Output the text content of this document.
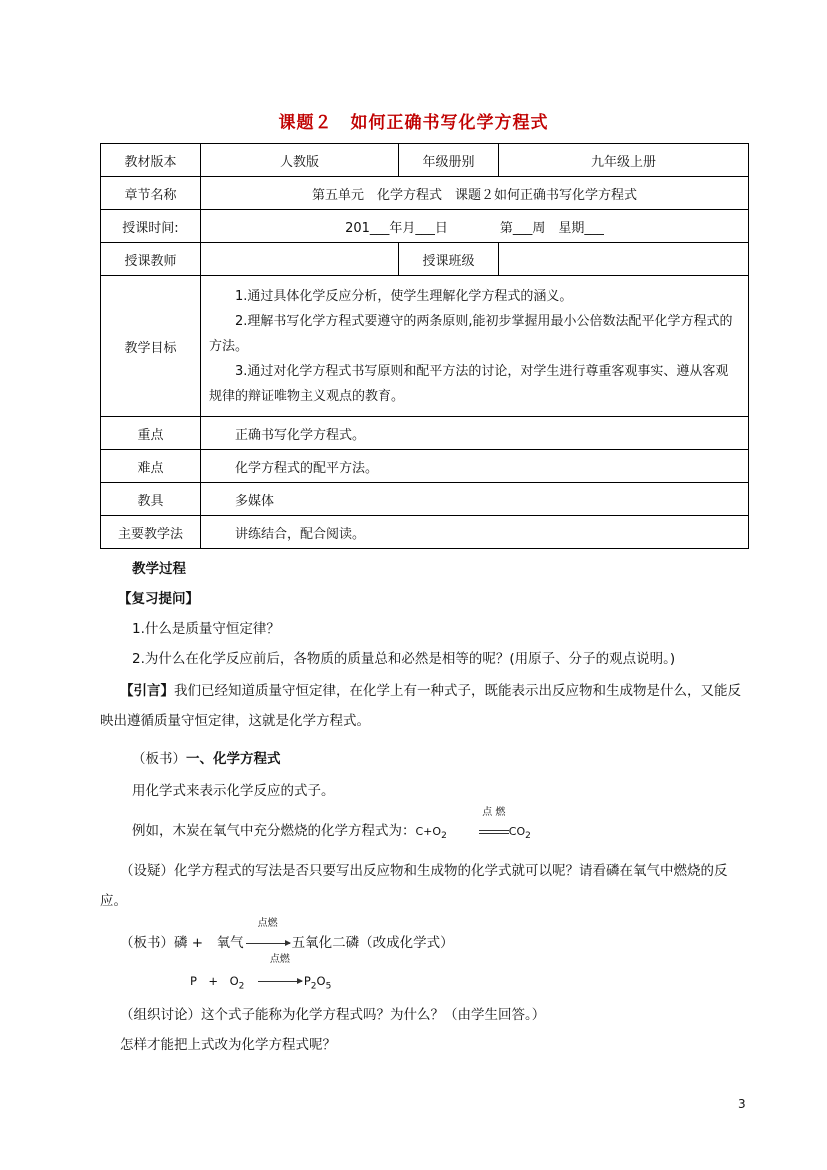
课题２　如何正确书写化学方程式
教材版本	人教版	年级册别	九年级上册
章节名称	第五单元　化学方程式　课题２如何正确书写化学方程式		
授课时间:	201___年月___日　　　　第___周　星期___		
授课教师		授课班级	
教学目标	1.通过具体化学反应分析，使学生理解化学方程式的涵义。

2.理解书写化学方程式要遵守的两条原则,能初步掌握用最小公倍数法配平化学方程式的方法。

3.通过对化学方程式书写原则和配平方法的讨论，对学生进行尊重客观事实、遵从客观规律的辩证唯物主义观点的教育。		

重点	正确书写化学方程式。		
难点	化学方程式的配平方法。		
教具	多媒体		
主要教学法	讲练结合，配合阅读。		
教学过程
【复习提问】
1.什么是质量守恒定律？
2.为什么在化学反应前后，各物质的质量总和必然是相等的呢？(用原子、分子的观点说明。)
【引言】我们已经知道质量守恒定律，在化学上有一种式子，既能表示出反应物和生成物是什么，又能反映出遵循质量守恒定律，这就是化学方程式。
（板书）一、化学方程式
用化学式来表示化学反应的式子。
例如，木炭在氧气中充分燃烧的化学方程式为：$C+O_2$
点 燃
$CO_2$
（设疑）化学方程式的写法是否只要写出反应物和生成物的化学式就可以呢？请看磷在氧气中燃烧的反应。
（板书）磷 +　氧气
点燃
五氧化二磷（改成化学式）
P　+　$O_2$　
点燃
$P_2O_5$
（组织讨论）这个式子能称为化学方程式吗？为什么？（由学生回答。）
怎样才能把上式改为化学方程式呢？
3
